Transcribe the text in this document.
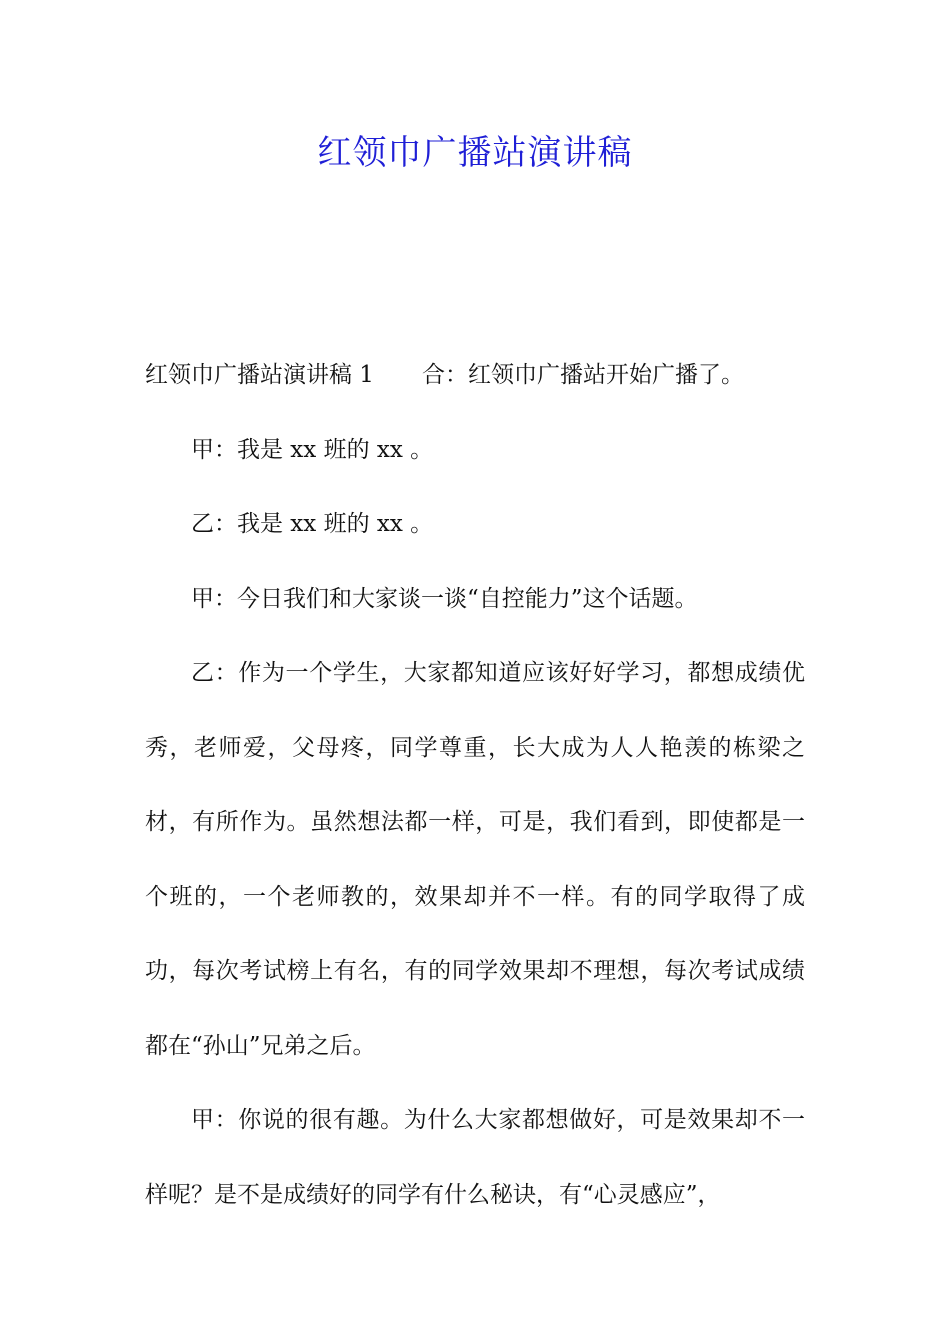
红领巾广播站演讲稿

红领巾广播站演讲稿 1 合：红领巾广播站开始广播了。

甲：我是 xx 班的 xx 。

乙：我是 xx 班的 xx 。

甲：今日我们和大家谈一谈“自控能力”这个话题。

乙：作为一个学生，大家都知道应该好好学习，都想成绩优秀，老师爱，父母疼，同学尊重，长大成为人人艳羡的栋梁之材，有所作为。虽然想法都一样，可是，我们看到，即使都是一个班的，一个老师教的，效果却并不一样。有的同学取得了成功，每次考试榜上有名，有的同学效果却不理想，每次考试成绩都在“孙山”兄弟之后。

甲：你说的很有趣。为什么大家都想做好，可是效果却不一样呢？是不是成绩好的同学有什么秘诀，有“心灵感应”，
